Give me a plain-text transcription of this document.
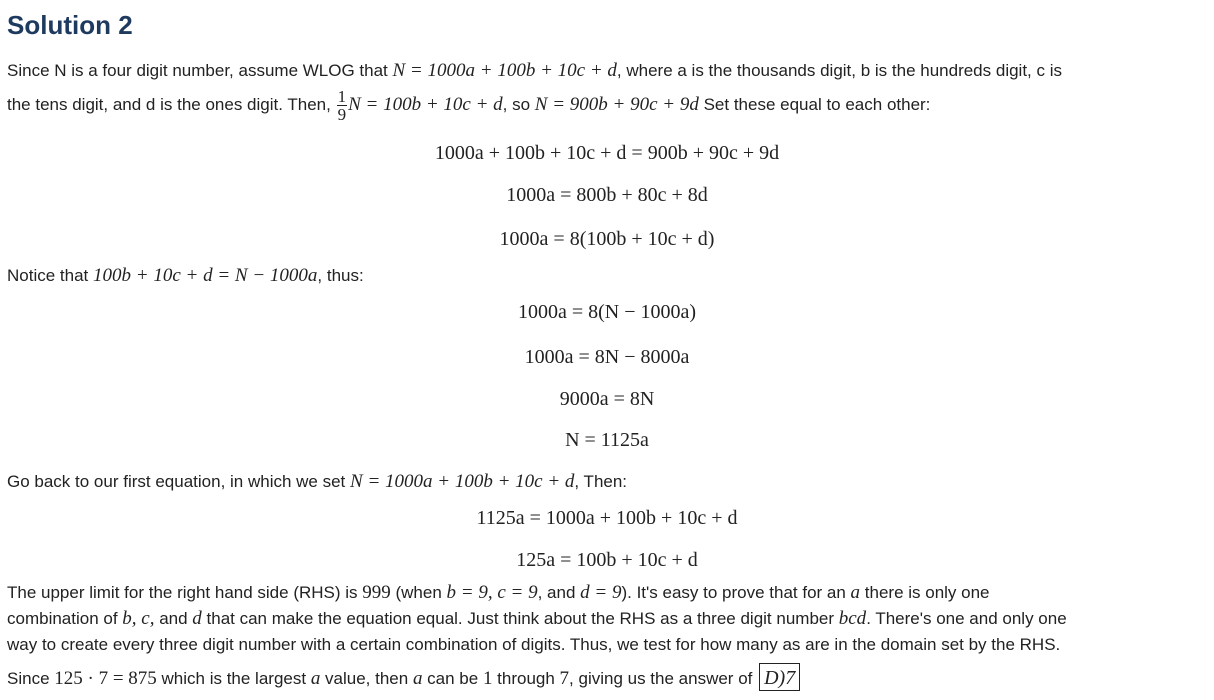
Solution 2
Since N is a four digit number, assume WLOG that N = 1000a + 100b + 10c + d, where a is the thousands digit, b is the hundreds digit, c is
the tens digit, and d is the ones digit. Then, $\frac{1}{9}$ N = 100b + 10c + d, so N = 900b + 90c + 9d Set these equal to each other:
1000a + 100b + 10c + d = 900b + 90c + 9d
1000a = 800b + 80c + 8d
1000a = 8(100b + 10c + d)
Notice that 100b + 10c + d = N − 1000a, thus:
1000a = 8(N − 1000a)
1000a = 8N − 8000a
9000a = 8N
N = 1125a
Go back to our first equation, in which we set N = 1000a + 100b + 10c + d, Then:
1125a = 1000a + 100b + 10c + d
125a = 100b + 10c + d
The upper limit for the right hand side (RHS) is 999 (when b = 9, c = 9, and d = 9). It's easy to prove that for an a there is only one
combination of b, c, and d that can make the equation equal. Just think about the RHS as a three digit number bcd. There's one and only one
way to create every three digit number with a certain combination of digits. Thus, we test for how many as are in the domain set by the RHS.
Since 125 · 7 = 875 which is the largest a value, then a can be 1 through 7, giving us the answer of D)7
